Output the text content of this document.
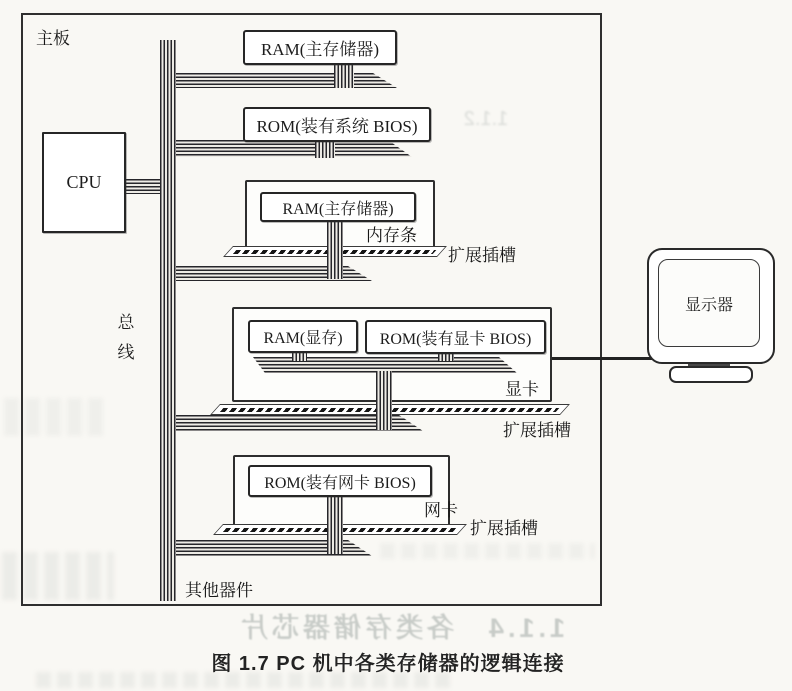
1.1.2
1.1.4　各类存储器芯片
主板
总线
CPU
RAM(主存储器)
ROM(装有系统 BIOS)
RAM(主存储器)
内存条
扩展插槽
RAM(显存)	ROM(装有显卡 BIOS)
显卡
扩展插槽
ROM(装有网卡 BIOS)
网卡
扩展插槽
其他器件
显示器
图 1.7 PC 机中各类存储器的逻辑连接
